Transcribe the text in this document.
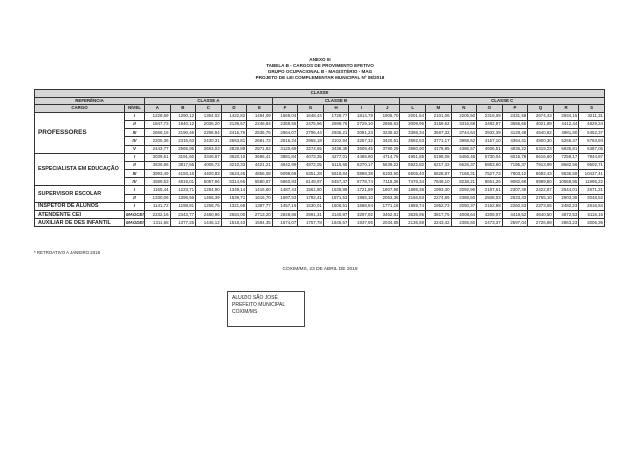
ANEXO III
TABELA B - CARGOS DE PROVIMENTO EFETIVO
GRUPO OCUPACIONAL B - MAGISTÉRIO - MAG
PROJETO DE LEI COMPLEMENTAR MUNICIPAL Nº 08/2018
CLASSE																			
REFERÊNCIA		CLASSE A					CLASSE B					CLASSE C							
CARGO	NÍVEL	A	B	C	D	E	F	G	H	I	J	L	M	N	O	P	Q	R	S
PROFESSORES	I	1228,69	1290,12	1354,02	1422,82	1494,09	1569,04	1648,44	1728,77	1814,78	1905,70	2001,54	2101,06	2205,50	2316,08	2431,58	2674,43	2934,15	3211,31
	II	1847,73	1940,12	2036,20	2139,67	2246,84	2359,55	2475,96	2599,76	2729,10	2865,63	3009,95	3159,62	3316,68	3482,97	3656,66	4021,89	4412,44	4829,24
	III	2666,15	2190,46	2298,94	2415,76	2536,76	2664,07	2795,44	2935,21	3081,24	3235,62	3398,34	3567,32	3744,64	3932,39	4128,48	4540,82	4981,80	5452,37
	IV	2205,36	2315,63	2430,31	2553,81	2681,72	2816,24	2955,18	3102,94	3257,32	3420,51	3592,53	3771,17	3958,62	4157,10	4364,41	4800,30	5266,47	5763,94
	V	2443,77	2565,96	2693,03	2829,89	2971,62	3120,69	3274,65	3438,38	3609,45	3790,29	3980,90	4178,85	4386,57	4606,51	4836,22	5319,23	5835,81	6387,05
ESPECIALISTA EM EDUCAÇÃO	I	3039,61	3191,60	3349,87	3520,10	3696,41	3881,84	4073,35	4277,01	4489,80	4714,75	4951,85	5198,08	5456,46	5730,04	6015,78	6616,60	7259,17	7944,87
	II	3635,86	3817,65	4006,72	4210,33	4421,21	4642,99	4872,05	5115,65	5370,17	5639,22	5922,82	6217,32	6526,37	6853,60	7195,37	7913,99	8682,56	9502,71
	III	3993,49	4193,16	4400,83	4624,46	4856,08	5099,69	5351,28	5618,84	5898,38	6193,90	6505,40	6828,87	7168,31	7527,73	7903,12	8692,43	9536,59	10437,41
	IV	4589,53	4819,01	5057,66	5314,66	5580,87	5860,83	6149,97	6457,47	6778,74	7118,36	7476,34	7848,10	8238,21	8651,26	9082,68	9989,80	10959,95	11995,22
SUPERVISOR ESCOLAR	I	1165,44	1223,71	1284,90	1349,14	1416,60	1487,43	1561,80	1639,89	1721,89	1807,98	1898,38	1993,30	2092,96	2197,61	2307,49	2422,87	2544,01	2671,21
	II	1330,06	1396,56	1466,39	1539,71	1616,70	1697,53	1782,41	1871,53	1965,10	2063,36	2166,53	2274,85	2388,60	2508,03	2633,43	2765,10	2903,35	3048,52
INSPETOR DE ALUNOS	I	1141,72	1198,81	1258,75	1321,68	1387,77	1457,16	1530,01	1606,51	1686,84	1771,18	1859,74	1952,73	2050,37	2152,88	2260,53	2373,55	2492,23	2616,84
ATENDENTE CEI	MAGCEI	2232,16	2343,77	2460,96	2584,00	2713,20	2848,86	2991,31	3140,87	3297,92	3462,81	3635,95	3817,75	4008,64	4209,07	4419,52	4640,50	4872,53	5116,15
AUXILIAR DE DES INFANTIL	MAGDEI	1311,68	1377,26	1446,12	1518,43	1594,35	1674,07	1757,78	1845,67	1937,95	2034,85	2136,59	2243,42	2355,60	2473,37	2597,04	2726,89	2863,23	3006,39
* RETROATIVO A JANEIRO 2018
COXIM/MS, 23 DE ABRIL DE 2018
ALUIZIO SÃO JOSÉ
PREFEITO MUNICIPAL
COXIM/MS
